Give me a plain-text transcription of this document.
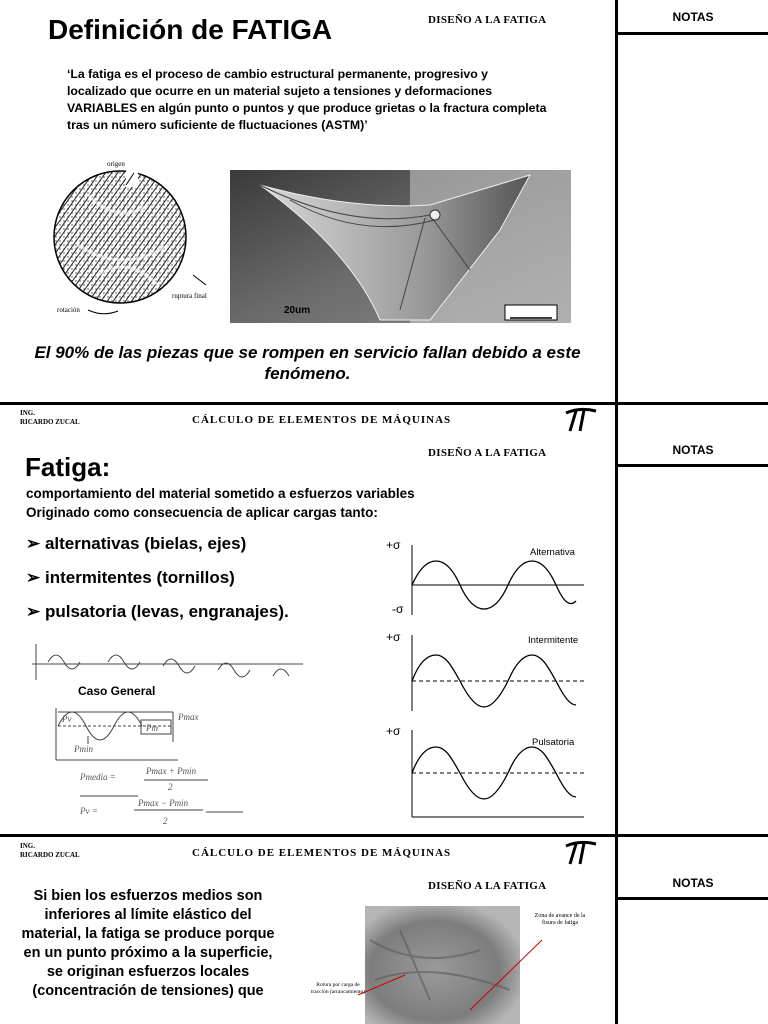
NOTAS
NOTAS
NOTAS
Definición de FATIGA	DISEÑO A LA FATIGA
‘La fatiga es el proceso de cambio estructural permanente, progresivo y localizado que ocurre en un material sujeto a tensiones y deformaciones VARIABLES en algún punto o puntos y que produce grietas o la fractura completa tras un número suficiente de fluctuaciones (ASTM)’
origen
ruptura final
rotación	20um
El 90% de las piezas que se rompen en servicio fallan debido a este fenómeno.
ING.
RICARDO ZUCAL	CÁLCULO DE ELEMENTOS DE MÁQUINAS
DISEÑO A LA FATIGA
Fatiga:
comportamiento del material sometido a esfuerzos variables
Originado como consecuencia de aplicar cargas tanto:
➢ alternativas (bielas, ejes)
➢ intermitentes (tornillos)
➢ pulsatoria (levas, engranajes).
Pv
Pm
Pmax
Pmin
Pmedia =
Pmax + Pmin
2
Pv =
Pmax − Pmin
2
Caso General
+σ
-σ
+σ
+σ
Alternativa
Intermitente
Pulsatoria
ING.
RICARDO ZUCAL	CÁLCULO DE ELEMENTOS DE MÁQUINAS
DISEÑO A LA FATIGA
Si bien los esfuerzos medios son inferiores al límite elástico del material, la fatiga se produce porque en un punto próximo a la superficie, se originan esfuerzos locales (concentración de tensiones) que
Zona de avance de la fisura de fatiga
Rotura por carga de tracción (arrancamiento)
